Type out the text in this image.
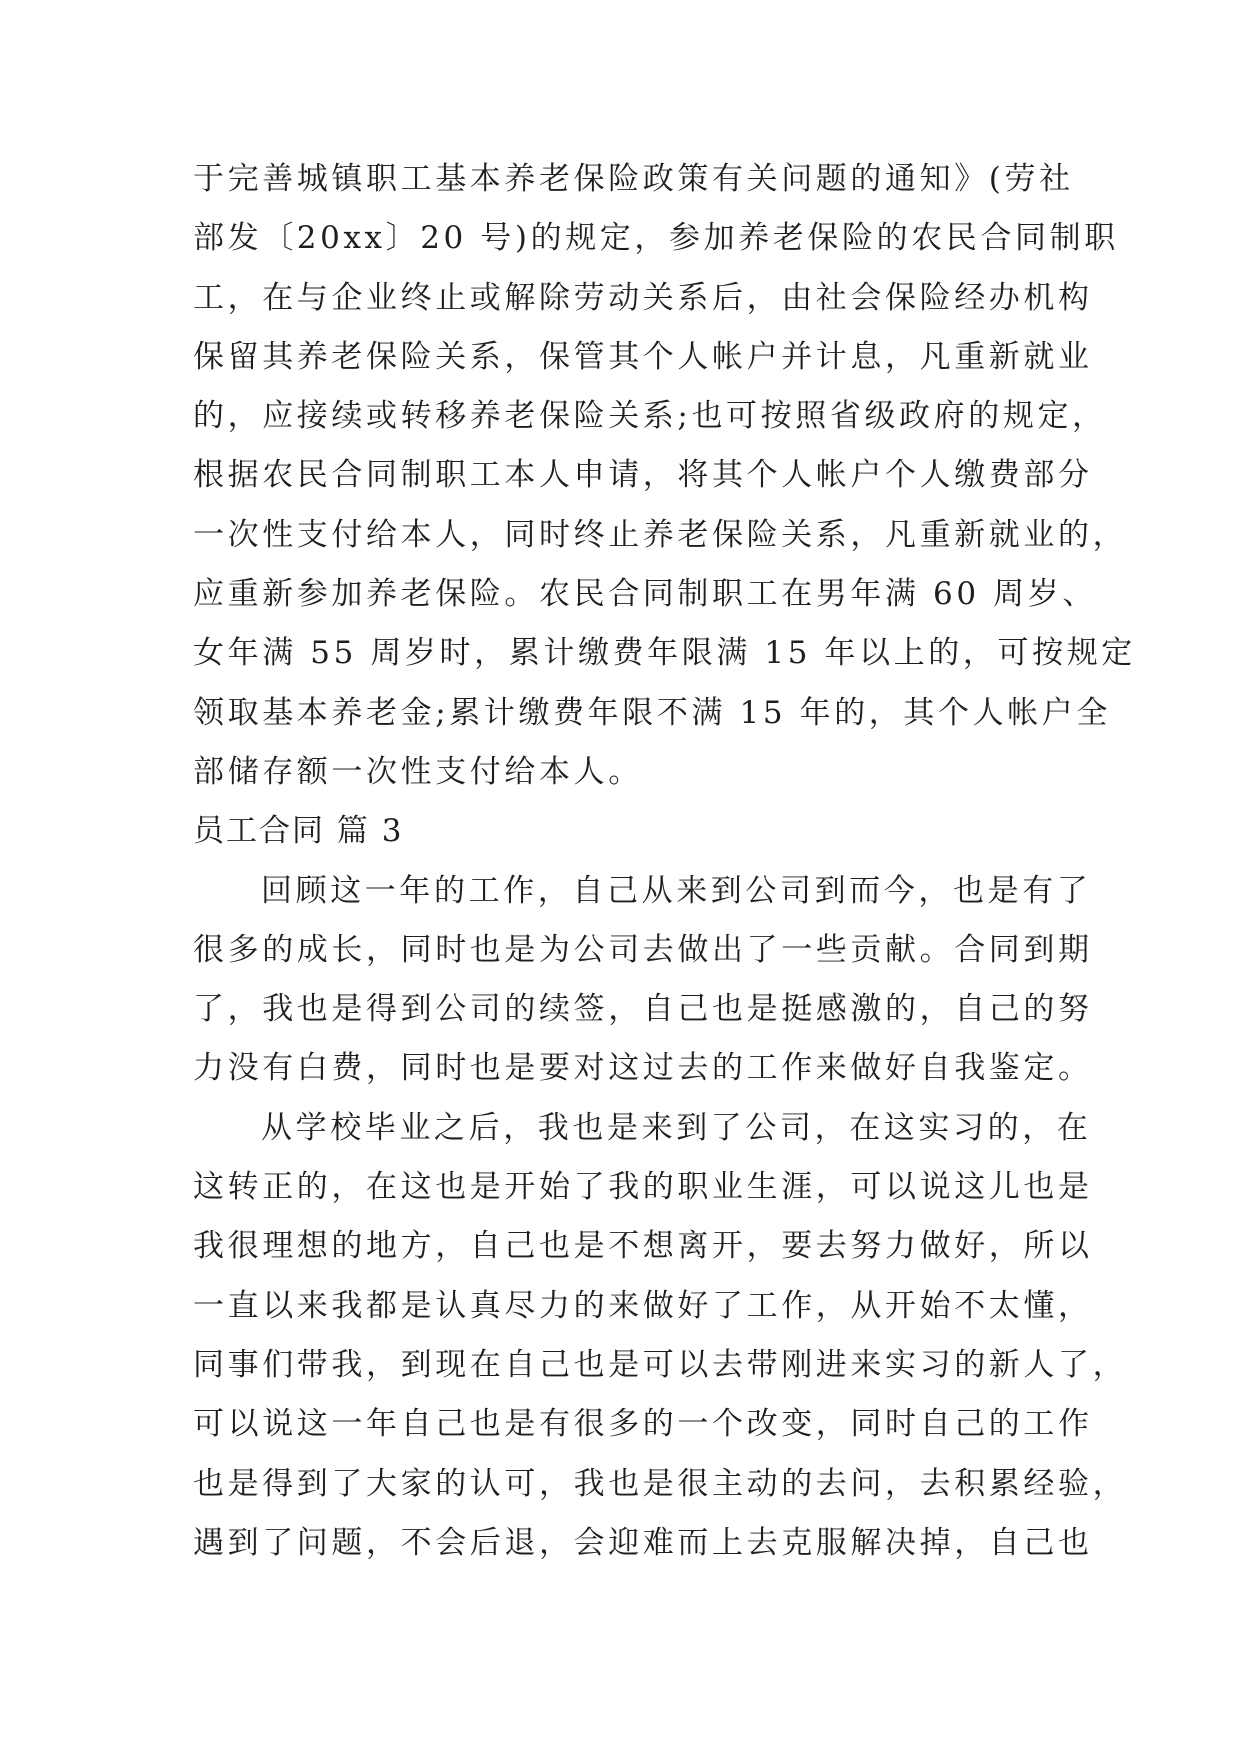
于完善城镇职工基本养老保险政策有关问题的通知》(劳社
部发〔20xx〕20 号)的规定，参加养老保险的农民合同制职
工，在与企业终止或解除劳动关系后，由社会保险经办机构
保留其养老保险关系，保管其个人帐户并计息，凡重新就业
的，应接续或转移养老保险关系;也可按照省级政府的规定，
根据农民合同制职工本人申请，将其个人帐户个人缴费部分
一次性支付给本人，同时终止养老保险关系，凡重新就业的，
应重新参加养老保险。农民合同制职工在男年满 60 周岁、
女年满 55 周岁时，累计缴费年限满 15 年以上的，可按规定
领取基本养老金;累计缴费年限不满 15 年的，其个人帐户全
部储存额一次性支付给本人。
员工合同 篇 3
回顾这一年的工作，自己从来到公司到而今，也是有了
很多的成长，同时也是为公司去做出了一些贡献。合同到期
了，我也是得到公司的续签，自己也是挺感激的，自己的努
力没有白费，同时也是要对这过去的工作来做好自我鉴定。
从学校毕业之后，我也是来到了公司，在这实习的，在
这转正的，在这也是开始了我的职业生涯，可以说这儿也是
我很理想的地方，自己也是不想离开，要去努力做好，所以
一直以来我都是认真尽力的来做好了工作，从开始不太懂，
同事们带我，到现在自己也是可以去带刚进来实习的新人了，
可以说这一年自己也是有很多的一个改变，同时自己的工作
也是得到了大家的认可，我也是很主动的去问，去积累经验，
遇到了问题，不会后退，会迎难而上去克服解决掉，自己也
